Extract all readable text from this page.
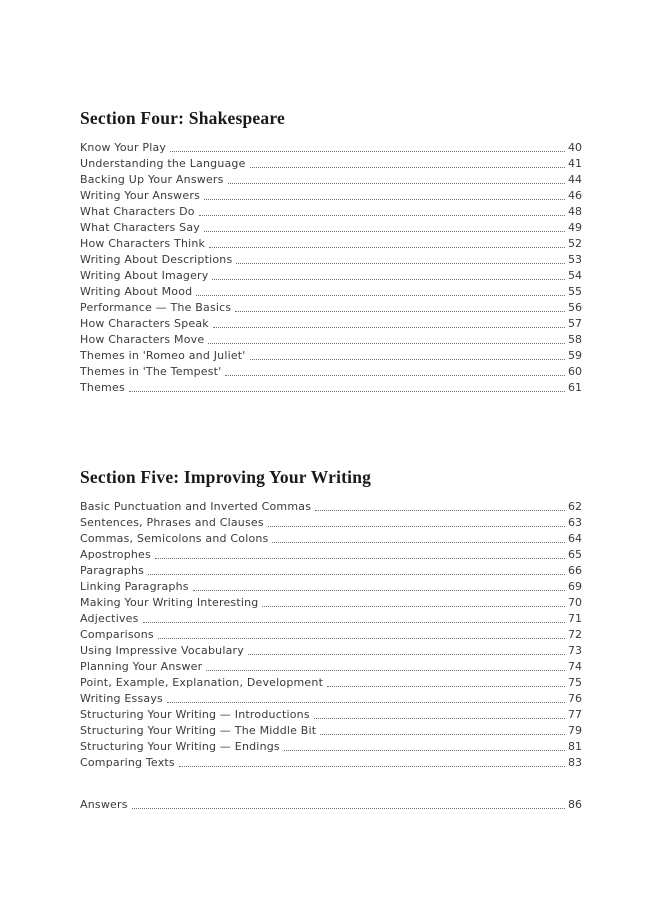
Section Four: Shakespeare
Know Your Play	40
Understanding the Language	41
Backing Up Your Answers	44
Writing Your Answers	46
What Characters Do	48
What Characters Say	49
How Characters Think	52
Writing About Descriptions	53
Writing About Imagery	54
Writing About Mood	55
Performance — The Basics	56
How Characters Speak	57
How Characters Move	58
Themes in 'Romeo and Juliet'	59
Themes in 'The Tempest'	60
Themes	61
Section Five: Improving Your Writing
Basic Punctuation and Inverted Commas	62
Sentences, Phrases and Clauses	63
Commas, Semicolons and Colons	64
Apostrophes	65
Paragraphs	66
Linking Paragraphs	69
Making Your Writing Interesting	70
Adjectives	71
Comparisons	72
Using Impressive Vocabulary	73
Planning Your Answer	74
Point, Example, Explanation, Development	75
Writing Essays	76
Structuring Your Writing — Introductions	77
Structuring Your Writing — The Middle Bit	79
Structuring Your Writing — Endings	81
Comparing Texts	83
Answers	86
